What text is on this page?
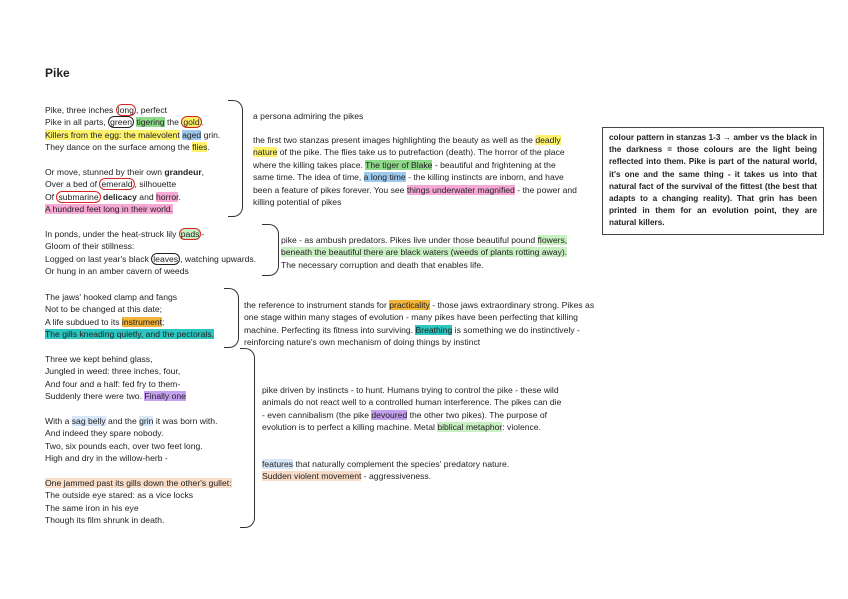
Pike
Pike, three inches long , perfect
Pike in all parts, green tigering the gold .
Killers from the egg: the malevolent aged grin.
They dance on the surface among the flies.
Or move, stunned by their own grandeur,
Over a bed of emerald , silhouette
Of submarine delicacy and horror.
A hundred feet long in their world.
In ponds, under the heat-struck lily pads -
Gloom of their stillness:
Logged on last year's black leaves , watching upwards.
Or hung in an amber cavern of weeds
The jaws' hooked clamp and fangs
Not to be changed at this date;
A life subdued to its instrument;
The gills kneading quietly, and the pectorals.
Three we kept behind glass,
Jungled in weed: three inches, four,
And four and a half: fed fry to them-
Suddenly there were two. Finally one
With a sag belly and the grin it was born with.
And indeed they spare nobody.
Two, six pounds each, over two feet long.
High and dry in the willow-herb -
One jammed past its gills down the other's gullet:
The outside eye stared: as a vice locks
The same iron in his eye
Though its film shrunk in death.
a persona admiring the pikes
the first two stanzas present images highlighting the beauty as well as the deadly nature of the pike. The flies take us to putrefaction (death). The horror of the place where the killing takes place. The tiger of Blake - beautiful and frightening at the same time. The idea of time, a long time - the killing instincts are inborn, and have been a feature of pikes forever. You see things underwater magnified - the power and killing potential of pikes
pike - as ambush predators. Pikes live under those beautiful pound flowers, beneath the beautiful there are black waters (weeds of plants rotting away). The necessary corruption and death that enables life.
the reference to instrument stands for practicality - those jaws extraordinary strong. Pikes as one stage within many stages of evolution - many pikes have been perfecting that killing machine. Perfecting its fitness into surviving. Breathing is something we do instinctively - reinforcing nature's own mechanism of doing things by instinct
pike driven by instincts - to hunt. Humans trying to control the pike - these wild animals do not react well to a controlled human interference. The pikes can die - even cannibalism (the pike devoured the other two pikes). The purpose of evolution is to perfect a killing machine. Metal biblical metaphor: violence.
features that naturally complement the species' predatory nature.
Sudden violent movement - aggressiveness.
colour pattern in stanzas 1-3 → amber vs the black in the darkness = those colours are the light being reflected into them. Pike is part of the natural world, it's one and the same thing - it takes us into that natural fact of the survival of the fittest (the best that adapts to a changing reality). That grin has been printed in them for an evolution point, they are natural killers.
